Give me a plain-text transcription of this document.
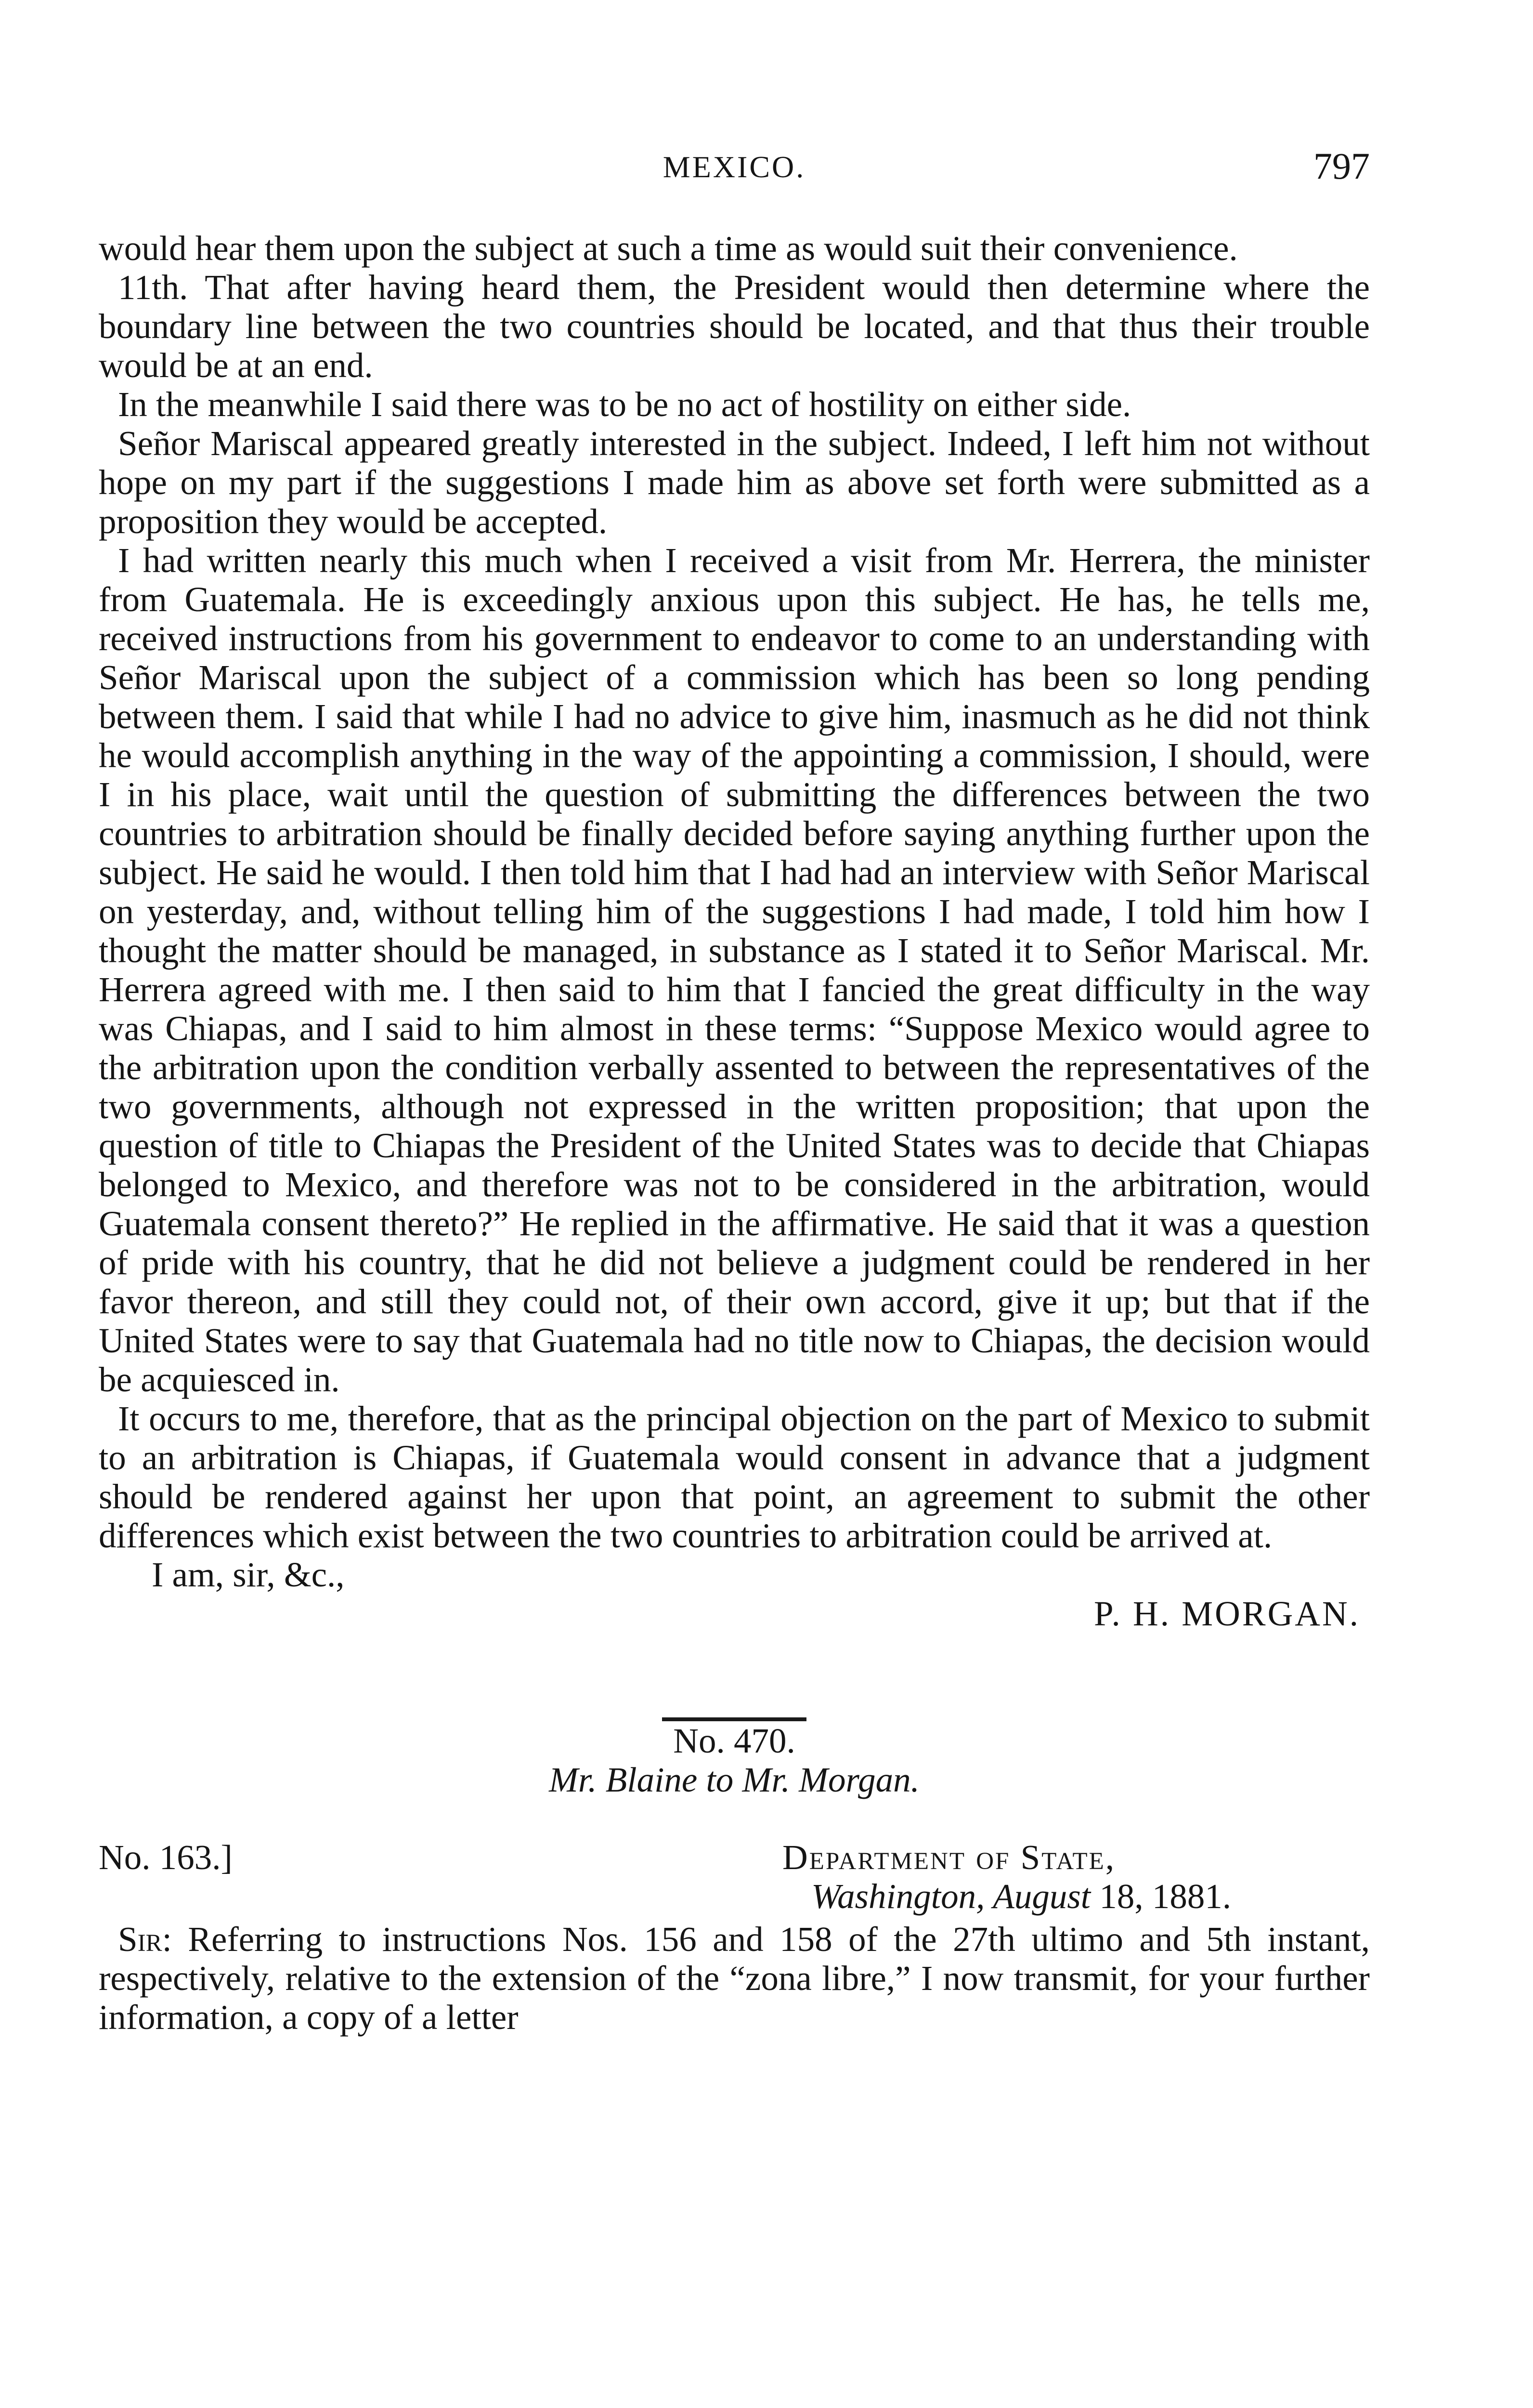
MEXICO.	797

would hear them upon the subject at such a time as would suit their convenience.

11th. That after having heard them, the President would then determine where the boundary line between the two countries should be located, and that thus their trouble would be at an end.

In the meanwhile I said there was to be no act of hostility on either side.

Señor Mariscal appeared greatly interested in the subject. Indeed, I left him not without hope on my part if the suggestions I made him as above set forth were submitted as a proposition they would be accepted.

I had written nearly this much when I received a visit from Mr. Herrera, the minister from Guatemala. He is exceedingly anxious upon this subject. He has, he tells me, received instructions from his government to endeavor to come to an understanding with Señor Mariscal upon the subject of a commission which has been so long pending between them. I said that while I had no advice to give him, inasmuch as he did not think he would accomplish anything in the way of the appointing a commission, I should, were I in his place, wait until the question of submitting the differences between the two countries to arbitration should be finally decided before saying anything further upon the subject. He said he would. I then told him that I had had an interview with Señor Mariscal on yesterday, and, without telling him of the suggestions I had made, I told him how I thought the matter should be managed, in substance as I stated it to Señor Mariscal. Mr. Herrera agreed with me. I then said to him that I fancied the great difficulty in the way was Chiapas, and I said to him almost in these terms: “Suppose Mexico would agree to the arbitration upon the condition verbally assented to between the representatives of the two governments, although not expressed in the written proposition; that upon the question of title to Chiapas the President of the United States was to decide that Chiapas belonged to Mexico, and therefore was not to be considered in the arbitration, would Guatemala consent thereto?” He replied in the affirmative. He said that it was a question of pride with his country, that he did not believe a judgment could be rendered in her favor thereon, and still they could not, of their own accord, give it up; but that if the United States were to say that Guatemala had no title now to Chiapas, the decision would be acquiesced in.

It occurs to me, therefore, that as the principal objection on the part of Mexico to submit to an arbitration is Chiapas, if Guatemala would consent in advance that a judgment should be rendered against her upon that point, an agreement to submit the other differences which exist between the two countries to arbitration could be arrived at.

I am, sir, &c.,

P. H. MORGAN.

No. 470.

Mr. Blaine to Mr. Morgan.

No. 163.]	Department of State,
Washington, August 18, 1881.

Sir: Referring to instructions Nos. 156 and 158 of the 27th ultimo and 5th instant, respectively, relative to the extension of the “zona libre,” I now transmit, for your further information, a copy of a letter
